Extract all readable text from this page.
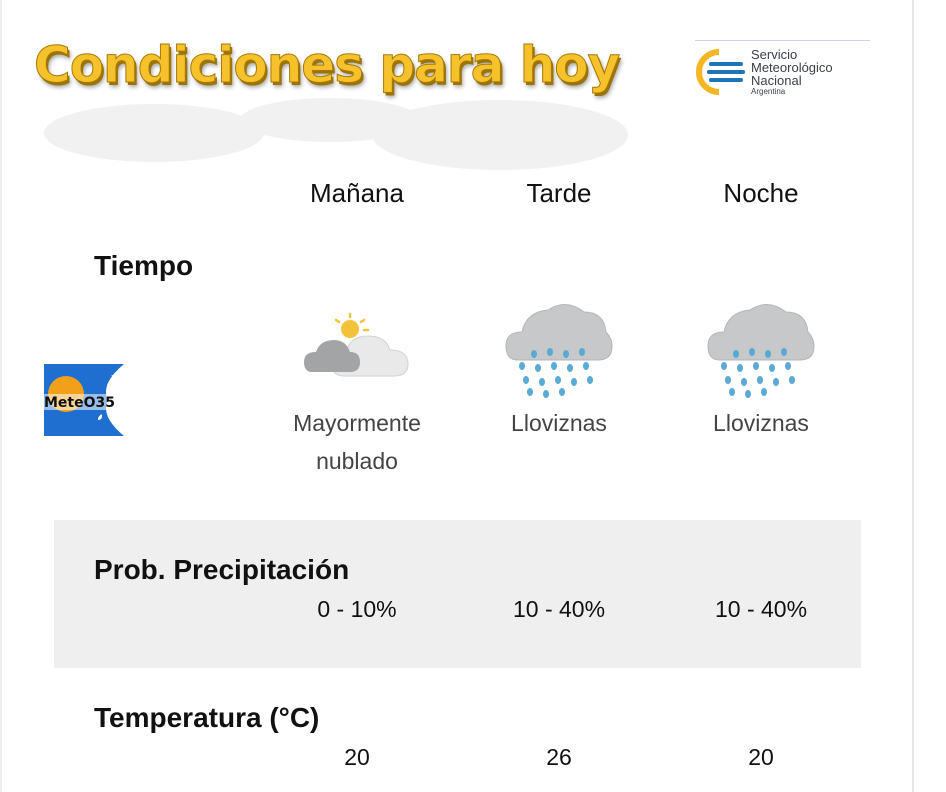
Condiciones para hoy	Servicio
Meteorológico
Nacional
Argentina
Mañana	Tarde	Noche
Tiempo
❄
MeteO35
Mayormente
nublado
Lloviznas	Lloviznas
Prob. Precipitación
0 - 10%	10 - 40%	10 - 40%
Temperatura (°C)
20	26	20
